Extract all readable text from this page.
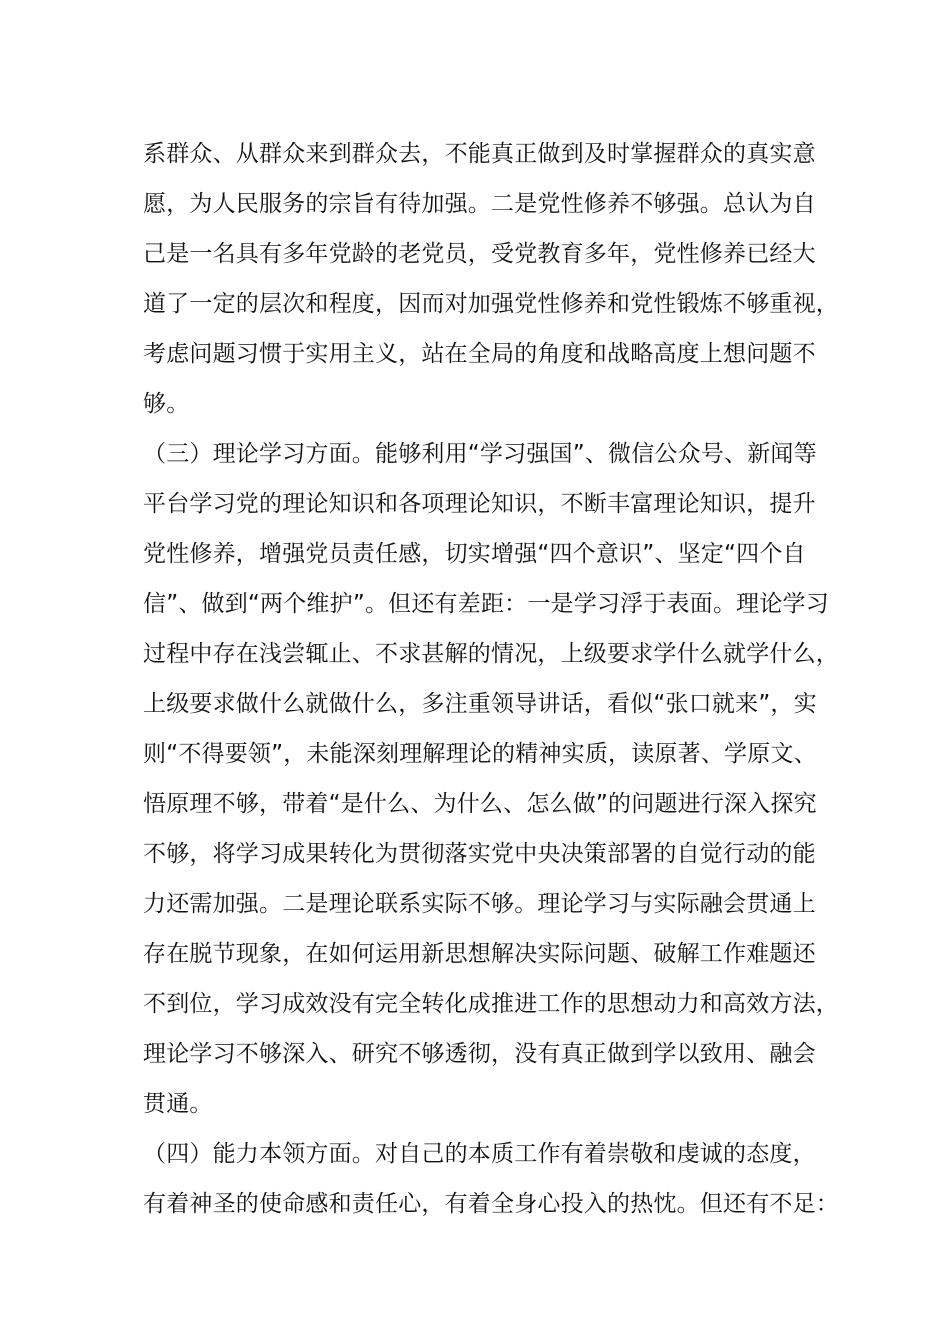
系群众、从群众来到群众去，不能真正做到及时掌握群众的真实意
愿，为人民服务的宗旨有待加强。二是党性修养不够强。总认为自
己是一名具有多年党龄的老党员，受党教育多年，党性修养已经大
道了一定的层次和程度，因而对加强党性修养和党性锻炼不够重视，
考虑问题习惯于实用主义，站在全局的角度和战略高度上想问题不
够。
（三）理论学习方面。能够利用“学习强国”、微信公众号、新闻等
平台学习党的理论知识和各项理论知识，不断丰富理论知识，提升
党性修养，增强党员责任感，切实增强“四个意识”、坚定“四个自
信”、做到“两个维护”。但还有差距：一是学习浮于表面。理论学习
过程中存在浅尝辄止、不求甚解的情况，上级要求学什么就学什么，
上级要求做什么就做什么，多注重领导讲话，看似“张口就来”，实
则“不得要领”，未能深刻理解理论的精神实质，读原著、学原文、
悟原理不够，带着“是什么、为什么、怎么做”的问题进行深入探究
不够，将学习成果转化为贯彻落实党中央决策部署的自觉行动的能
力还需加强。二是理论联系实际不够。理论学习与实际融会贯通上
存在脱节现象，在如何运用新思想解决实际问题、破解工作难题还
不到位，学习成效没有完全转化成推进工作的思想动力和高效方法，
理论学习不够深入、研究不够透彻，没有真正做到学以致用、融会
贯通。
（四）能力本领方面。对自己的本质工作有着崇敬和虔诚的态度，
有着神圣的使命感和责任心，有着全身心投入的热忱。但还有不足：
